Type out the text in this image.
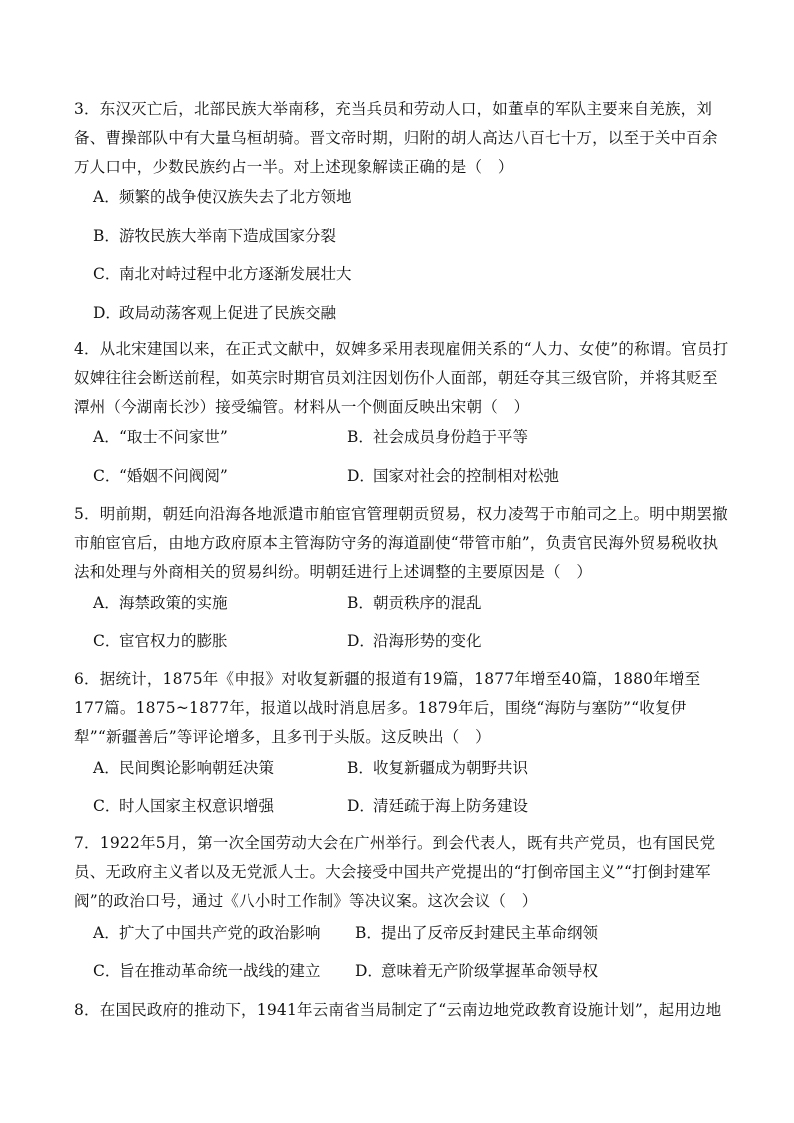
3．东汉灭亡后，北部民族大举南移，充当兵员和劳动人口，如董卓的军队主要来自羌族，刘备、曹操部队中有大量乌桓胡骑。晋文帝时期，归附的胡人高达八百七十万，以至于关中百余万人口中，少数民族约占一半。对上述现象解读正确的是（　）
A．频繁的战争使汉族失去了北方领地
B．游牧民族大举南下造成国家分裂
C．南北对峙过程中北方逐渐发展壮大
D．政局动荡客观上促进了民族交融
4．从北宋建国以来，在正式文献中，奴婢多采用表现雇佣关系的“人力、女使”的称谓。官员打奴婢往往会断送前程，如英宗时期官员刘注因划伤仆人面部，朝廷夺其三级官阶，并将其贬至潭州（今湖南长沙）接受编管。材料从一个侧面反映出宋朝（　）
A．“取士不问家世”	B．社会成员身份趋于平等
C．“婚姻不问阀阅”	D．国家对社会的控制相对松弛
5．明前期，朝廷向沿海各地派遣市舶宦官管理朝贡贸易，权力凌驾于市舶司之上。明中期罢撤市舶宦官后，由地方政府原本主管海防守务的海道副使“带管市舶”，负责官民海外贸易税收执法和处理与外商相关的贸易纠纷。明朝廷进行上述调整的主要原因是（　）
A．海禁政策的实施	B．朝贡秩序的混乱
C．宦官权力的膨胀	D．沿海形势的变化
6．据统计，1875年《申报》对收复新疆的报道有19篇，1877年增至40篇，1880年增至177篇。1875~1877年，报道以战时消息居多。1879年后，围绕“海防与塞防”“收复伊犁”“新疆善后”等评论增多，且多刊于头版。这反映出（　）
A．民间舆论影响朝廷决策	B．收复新疆成为朝野共识
C．时人国家主权意识增强	D．清廷疏于海上防务建设
7．1922年5月，第一次全国劳动大会在广州举行。到会代表人，既有共产党员，也有国民党员、无政府主义者以及无党派人士。大会接受中国共产党提出的“打倒帝国主义”“打倒封建军阀”的政治口号，通过《八小时工作制》等决议案。这次会议（　）
A．扩大了中国共产党的政治影响 B．提出了反帝反封建民主革命纲领
C．旨在推动革命统一战线的建立 D．意味着无产阶级掌握革命领导权
8．在国民政府的推动下，1941年云南省当局制定了“云南边地党政教育设施计划”，起用边地
